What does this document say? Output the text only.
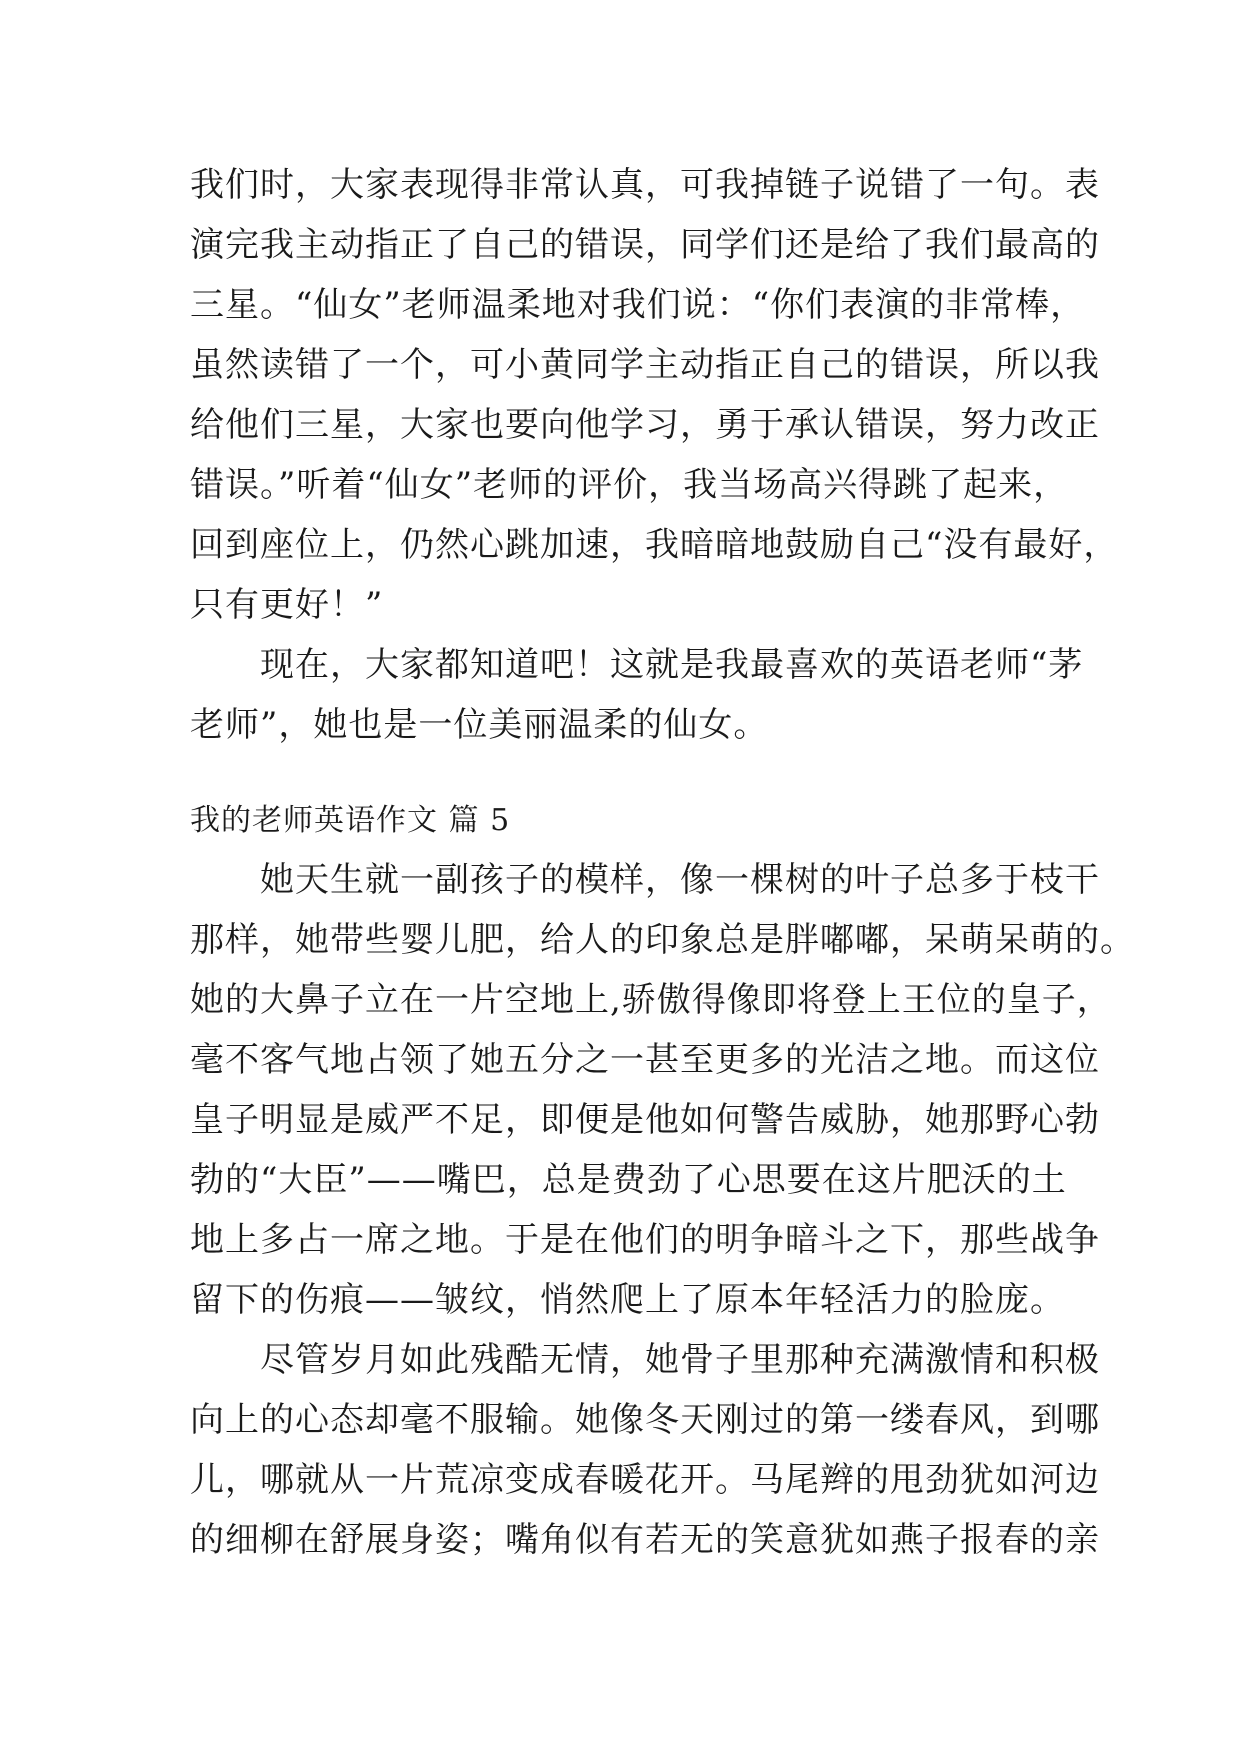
我们时，大家表现得非常认真，可我掉链子说错了一句。表
演完我主动指正了自己的错误，同学们还是给了我们最高的
三星。“仙女”老师温柔地对我们说：“你们表演的非常棒，
虽然读错了一个，可小黄同学主动指正自己的错误，所以我
给他们三星，大家也要向他学习，勇于承认错误，努力改正
错误。”听着“仙女”老师的评价，我当场高兴得跳了起来，
回到座位上，仍然心跳加速，我暗暗地鼓励自己“没有最好，
只有更好！”
　　现在，大家都知道吧！这就是我最喜欢的英语老师“茅
老师”，她也是一位美丽温柔的仙女。
我的老师英语作文 篇 5
　　她天生就一副孩子的模样，像一棵树的叶子总多于枝干
那样，她带些婴儿肥，给人的印象总是胖嘟嘟，呆萌呆萌的。
她的大鼻子立在一片空地上,骄傲得像即将登上王位的皇子，
毫不客气地占领了她五分之一甚至更多的光洁之地。而这位
皇子明显是威严不足，即便是他如何警告威胁，她那野心勃
勃的“大臣”——嘴巴，总是费劲了心思要在这片肥沃的土
地上多占一席之地。于是在他们的明争暗斗之下，那些战争
留下的伤痕——皱纹，悄然爬上了原本年轻活力的脸庞。
　　尽管岁月如此残酷无情，她骨子里那种充满激情和积极
向上的心态却毫不服输。她像冬天刚过的第一缕春风，到哪
儿，哪就从一片荒凉变成春暖花开。马尾辫的甩劲犹如河边
的细柳在舒展身姿；嘴角似有若无的笑意犹如燕子报春的亲
